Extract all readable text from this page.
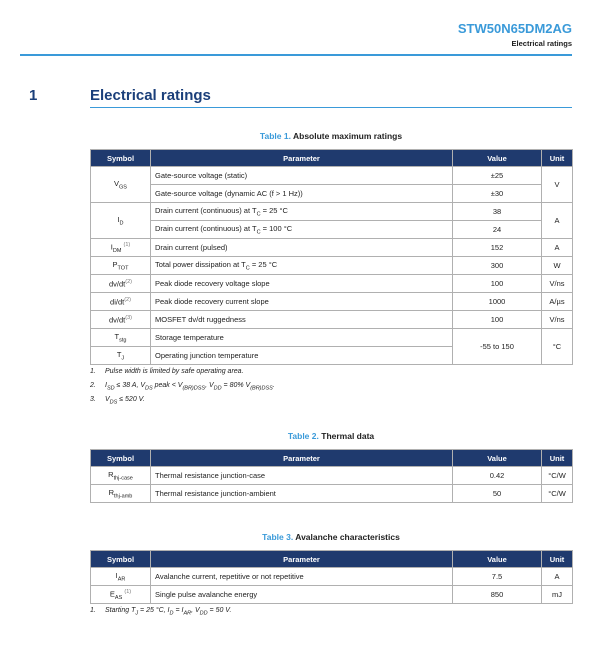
STW50N65DM2AG
Electrical ratings
1	Electrical ratings
Table 1. Absolute maximum ratings
Symbol	Parameter	Value	Unit
$V_{GS}$	Gate-source voltage (static)	±25	V
	Gate-source voltage (dynamic AC (f > 1 Hz))	±30	
$I_D$	Drain current (continuous) at $T_C = 25$ °C	38	A
	Drain current (continuous) at $T_C = 100$ °C	24	
$I_{DM}$ $^{(1)}$	Drain current (pulsed)	152	A
$P_{TOT}$	Total power dissipation at $T_C = 25$ °C	300	W
$dv/dt^{(2)}$	Peak diode recovery voltage slope	100	V/ns
$di/dt^{(2)}$	Peak diode recovery current slope	1000	A/µs
$dv/dt^{(3)}$	MOSFET dv/dt ruggedness	100	V/ns
$T_{stg}$	Storage temperature	-55 to 150	°C
$T_J$	Operating junction temperature		
1. Pulse width is limited by safe operating area.
2. $I_{SD} \le 38$ A, $V_{DS}$ peak < $V_{(BR)DSS}$, $V_{DD} = 80\%$ $V_{(BR)DSS}$.
3. $V_{DS} \le 520$ V.
Table 2. Thermal data
Symbol	Parameter	Value	Unit
$R_{thj-case}$	Thermal resistance junction-case	0.42	°C/W
$R_{thj-amb}$	Thermal resistance junction-ambient	50	°C/W
Table 3. Avalanche characteristics
Symbol	Parameter	Value	Unit
$I_{AR}$	Avalanche current, repetitive or not repetitive	7.5	A
$E_{AS}$ $^{(1)}$	Single pulse avalanche energy	850	mJ
1. Starting $T_J = 25$ °C, $I_D = I_{AR}$, $V_{DD} = 50$ V.
